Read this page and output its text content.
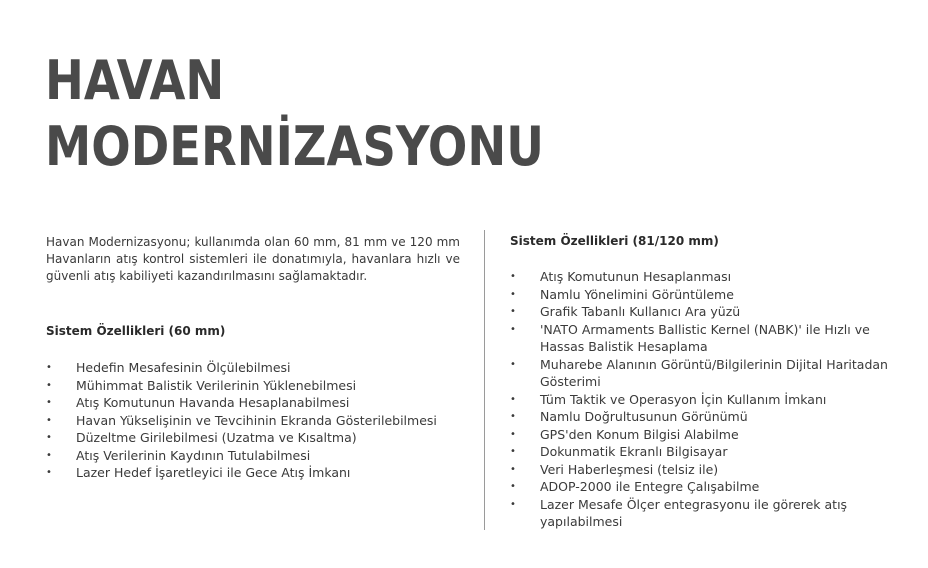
HAVAN
MODERNİZASYONU

Havan Modernizasyonu; kullanımda olan 60 mm, 81 mm ve 120 mm Havanların atış kontrol sistemleri ile donatımıyla, havanlara hızlı ve güvenli atış kabiliyeti kazandırılmasını sağlamaktadır.

Sistem Özellikleri (60 mm)
• Hedefin Mesafesinin Ölçülebilmesi
• Mühimmat Balistik Verilerinin Yüklenebilmesi
• Atış Komutunun Havanda Hesaplanabilmesi
• Havan Yükselişinin ve Tevcihinin Ekranda Gösterilebilmesi
• Düzeltme Girilebilmesi (Uzatma ve Kısaltma)
• Atış Verilerinin Kaydının Tutulabilmesi
• Lazer Hedef İşaretleyici ile Gece Atış İmkanı
Sistem Özellikleri (81/120 mm)
• Atış Komutunun Hesaplanması
• Namlu Yönelimini Görüntüleme
• Grafik Tabanlı Kullanıcı Ara yüzü
• 'NATO Armaments Ballistic Kernel (NABK)' ile Hızlı ve Hassas Balistik Hesaplama
• Muharebe Alanının Görüntü/Bilgilerinin Dijital Haritadan Gösterimi
• Tüm Taktik ve Operasyon İçin Kullanım İmkanı
• Namlu Doğrultusunun Görünümü
• GPS'den Konum Bilgisi Alabilme
• Dokunmatik Ekranlı Bilgisayar
• Veri Haberleşmesi (telsiz ile)
• ADOP-2000 ile Entegre Çalışabilme
• Lazer Mesafe Ölçer entegrasyonu ile görerek atış yapılabilmesi
